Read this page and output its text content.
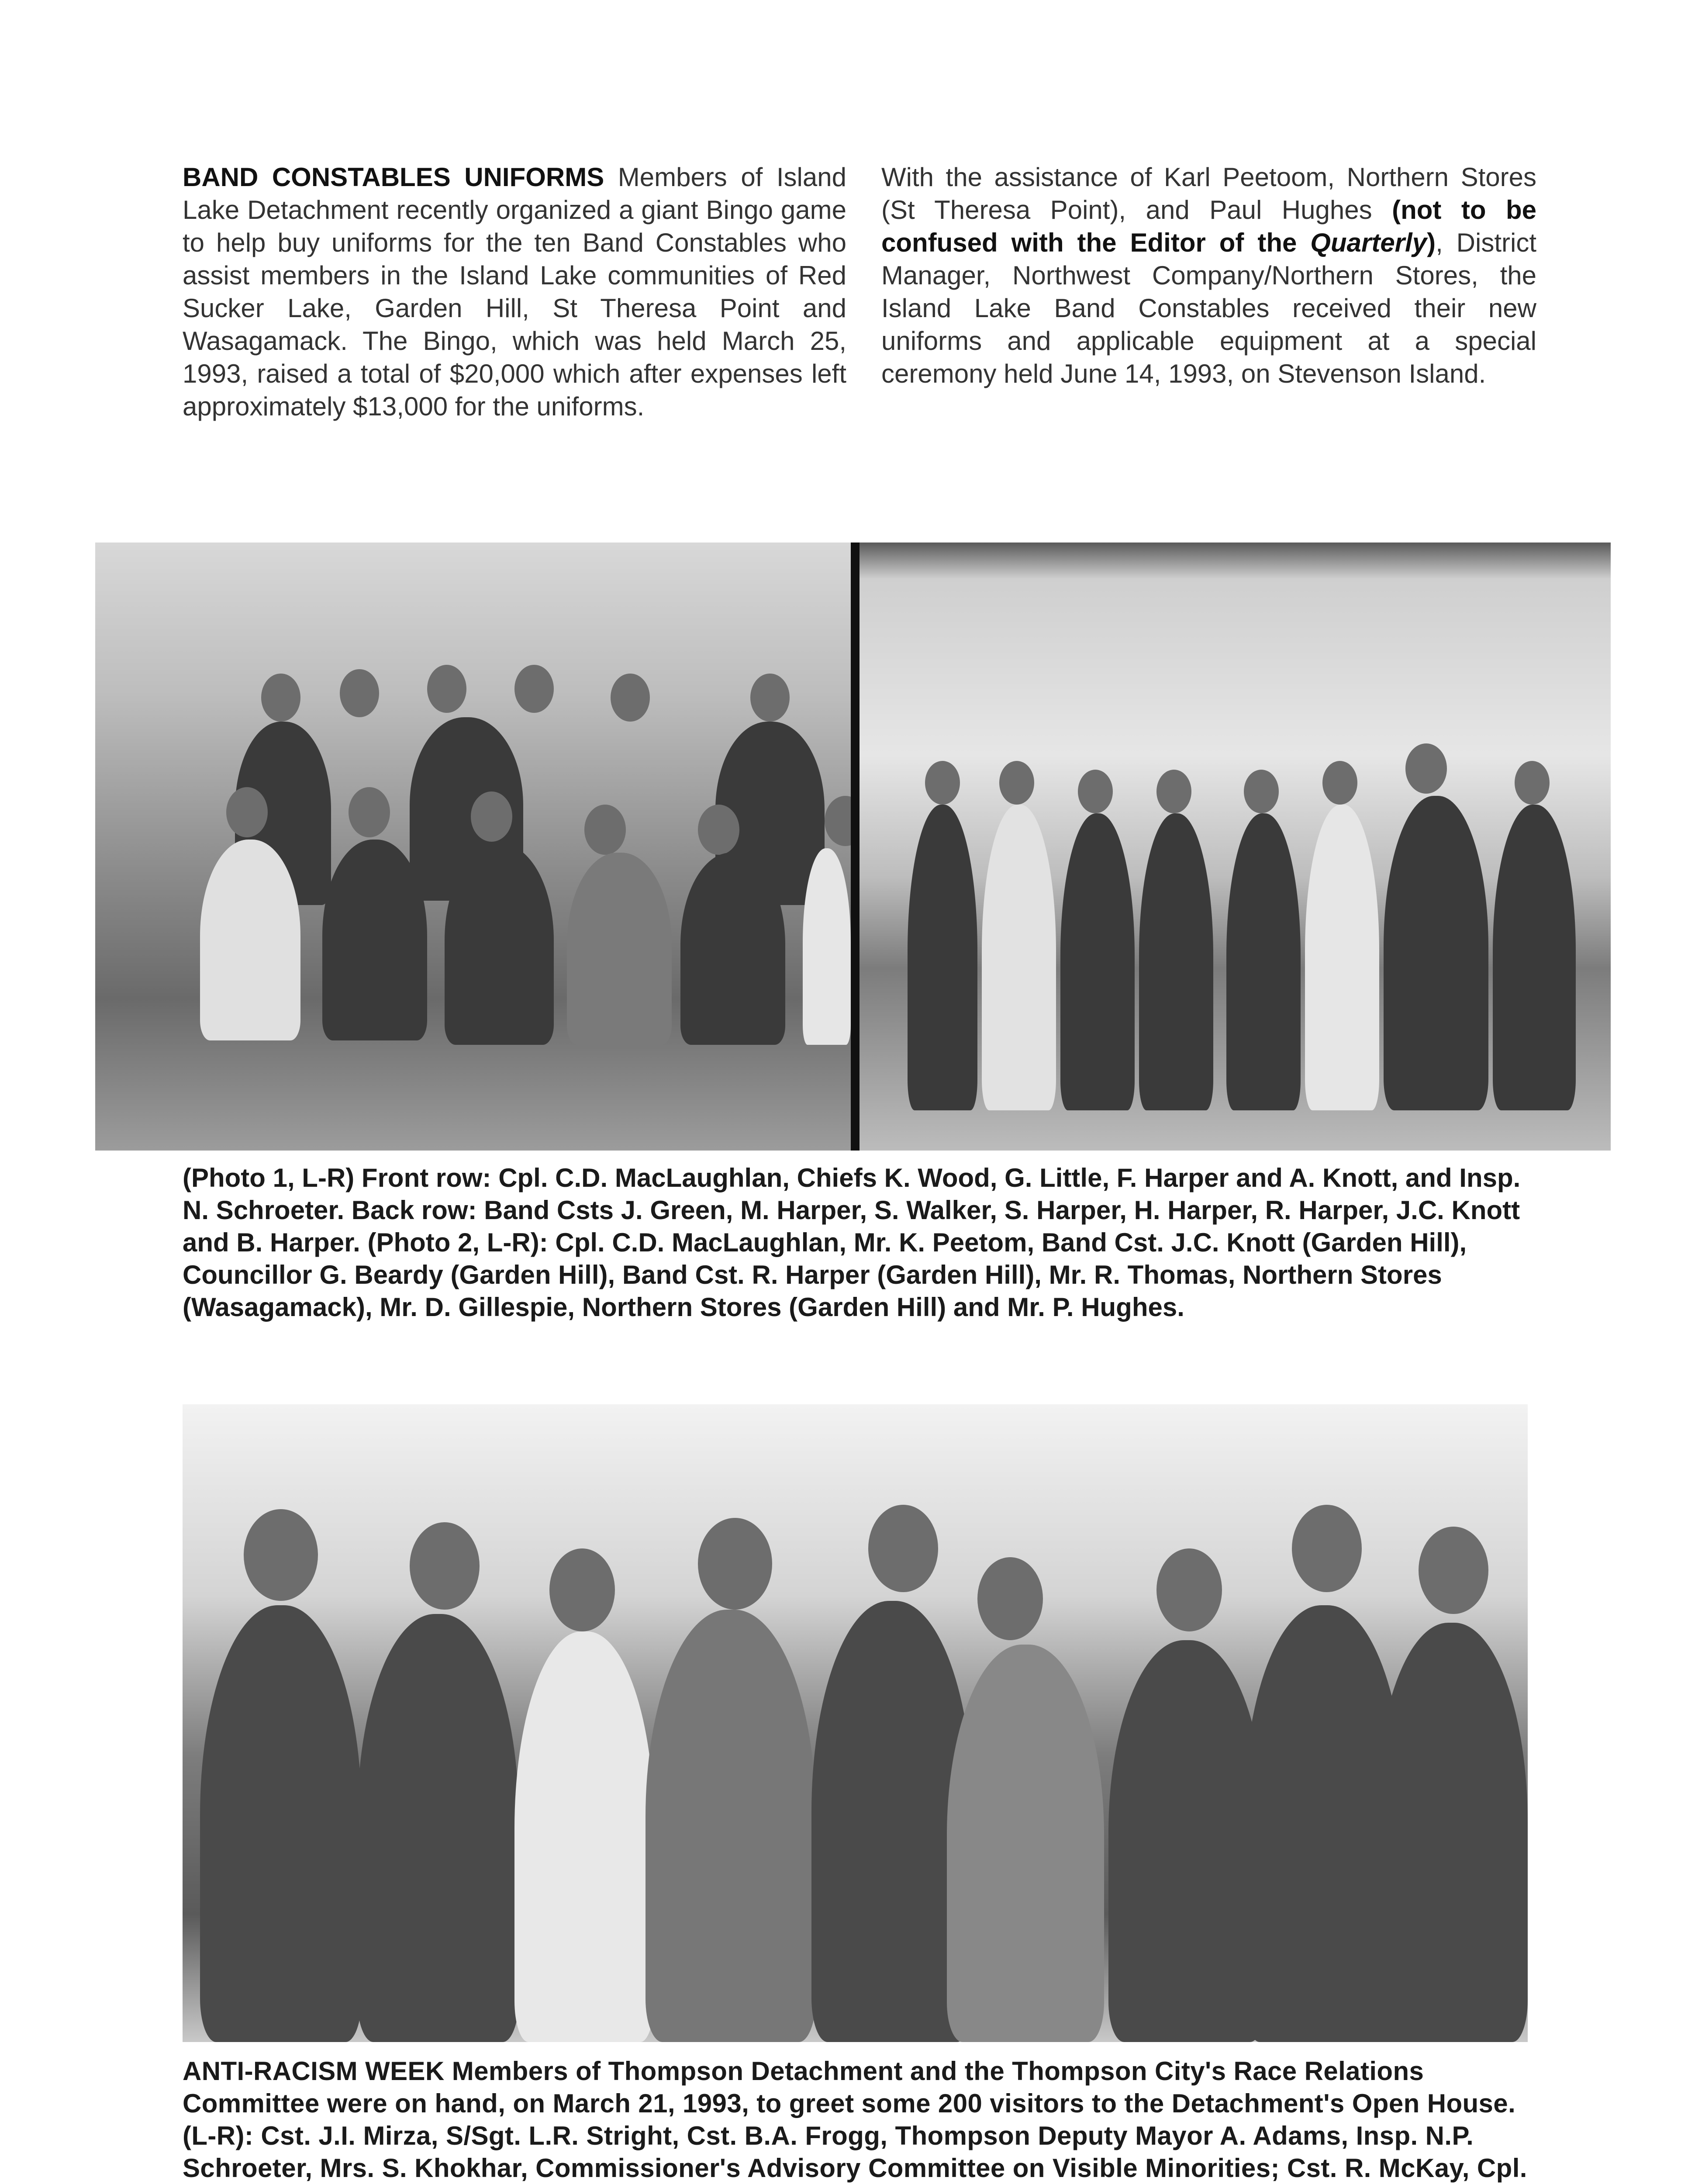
BAND CONSTABLES UNIFORMS Members of Island Lake Detachment recently organized a giant Bingo game to help buy uniforms for the ten Band Constables who assist members in the Island Lake communities of Red Sucker Lake, Garden Hill, St Theresa Point and Wasagamack. The Bingo, which was held March 25, 1993, raised a total of $20,000 which after expenses left approximately $13,000 for the uniforms.
With the assistance of Karl Peetoom, Northern Stores (St Theresa Point), and Paul Hughes (not to be confused with the Editor of the Quarterly), District Manager, Northwest Company/Northern Stores, the Island Lake Band Constables received their new uniforms and applicable equipment at a special ceremony held June 14, 1993, on Stevenson Island.
(Photo 1, L-R) Front row: Cpl. C.D. MacLaughlan, Chiefs K. Wood, G. Little, F. Harper and A. Knott, and Insp. N. Schroeter. Back row: Band Csts J. Green, M. Harper, S. Walker, S. Harper, H. Harper, R. Harper, J.C. Knott and B. Harper. (Photo 2, L-R): Cpl. C.D. MacLaughlan, Mr. K. Peetom, Band Cst. J.C. Knott (Garden Hill), Councillor G. Beardy (Garden Hill), Band Cst. R. Harper (Garden Hill), Mr. R. Thomas, Northern Stores (Wasagamack), Mr. D. Gillespie, Northern Stores (Garden Hill) and Mr. P. Hughes.
ANTI-RACISM WEEK Members of Thompson Detachment and the Thompson City's Race Relations Committee were on hand, on March 21, 1993, to greet some 200 visitors to the Detachment's Open House. (L-R): Cst. J.I. Mirza, S/Sgt. L.R. Stright, Cst. B.A. Frogg, Thompson Deputy Mayor A. Adams, Insp. N.P. Schroeter, Mrs. S. Khokhar, Commissioner's Advisory Committee on Visible Minorities; Cst. R. McKay, Cpl.
